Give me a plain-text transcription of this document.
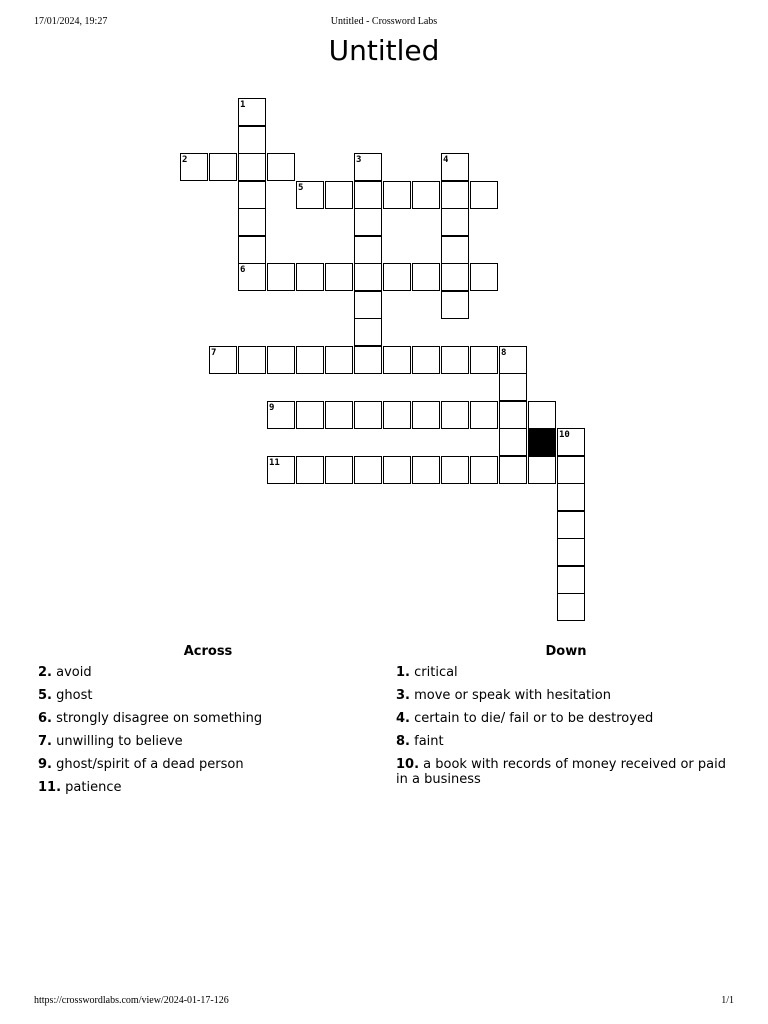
17/01/2024, 19:27	Untitled - Crossword Labs
Untitled
1
2	3	4
5
6
7	8
9
10
11
Across
2. avoid
5. ghost
6. strongly disagree on something
7. unwilling to believe
9. ghost/spirit of a dead person
11. patience
Down
1. critical
3. move or speak with hesitation
4. certain to die/ fail or to be destroyed
8. faint
10. a book with records of money received or paid in a business
https://crosswordlabs.com/view/2024-01-17-126	1/1
